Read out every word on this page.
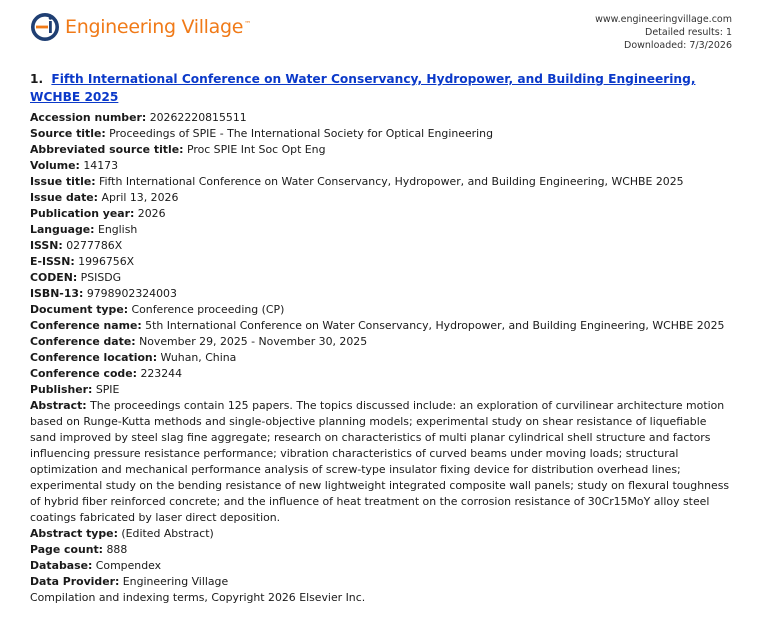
Engineering Village™	www.engineeringvillage.com
Detailed results: 1
Downloaded: 7/3/2026
1. Fifth International Conference on Water Conservancy, Hydropower, and Building Engineering, WCHBE 2025
Accession number: 20262220815511
Source title: Proceedings of SPIE - The International Society for Optical Engineering
Abbreviated source title: Proc SPIE Int Soc Opt Eng
Volume: 14173
Issue title: Fifth International Conference on Water Conservancy, Hydropower, and Building Engineering, WCHBE 2025
Issue date: April 13, 2026
Publication year: 2026
Language: English
ISSN: 0277786X
E-ISSN: 1996756X
CODEN: PSISDG
ISBN-13: 9798902324003
Document type: Conference proceeding (CP)
Conference name: 5th International Conference on Water Conservancy, Hydropower, and Building Engineering, WCHBE 2025
Conference date: November 29, 2025 - November 30, 2025
Conference location: Wuhan, China
Conference code: 223244
Publisher: SPIE
Abstract: The proceedings contain 125 papers. The topics discussed include: an exploration of curvilinear architecture motion based on Runge-Kutta methods and single-objective planning models; experimental study on shear resistance of liquefiable sand improved by steel slag fine aggregate; research on characteristics of multi planar cylindrical shell structure and factors influencing pressure resistance performance; vibration characteristics of curved beams under moving loads; structural optimization and mechanical performance analysis of screw-type insulator fixing device for distribution overhead lines; experimental study on the bending resistance of new lightweight integrated composite wall panels; study on flexural toughness of hybrid fiber reinforced concrete; and the influence of heat treatment on the corrosion resistance of 30Cr15MoY alloy steel coatings fabricated by laser direct deposition.
Abstract type: (Edited Abstract)
Page count: 888
Database: Compendex
Data Provider: Engineering Village
Compilation and indexing terms, Copyright 2026 Elsevier Inc.
